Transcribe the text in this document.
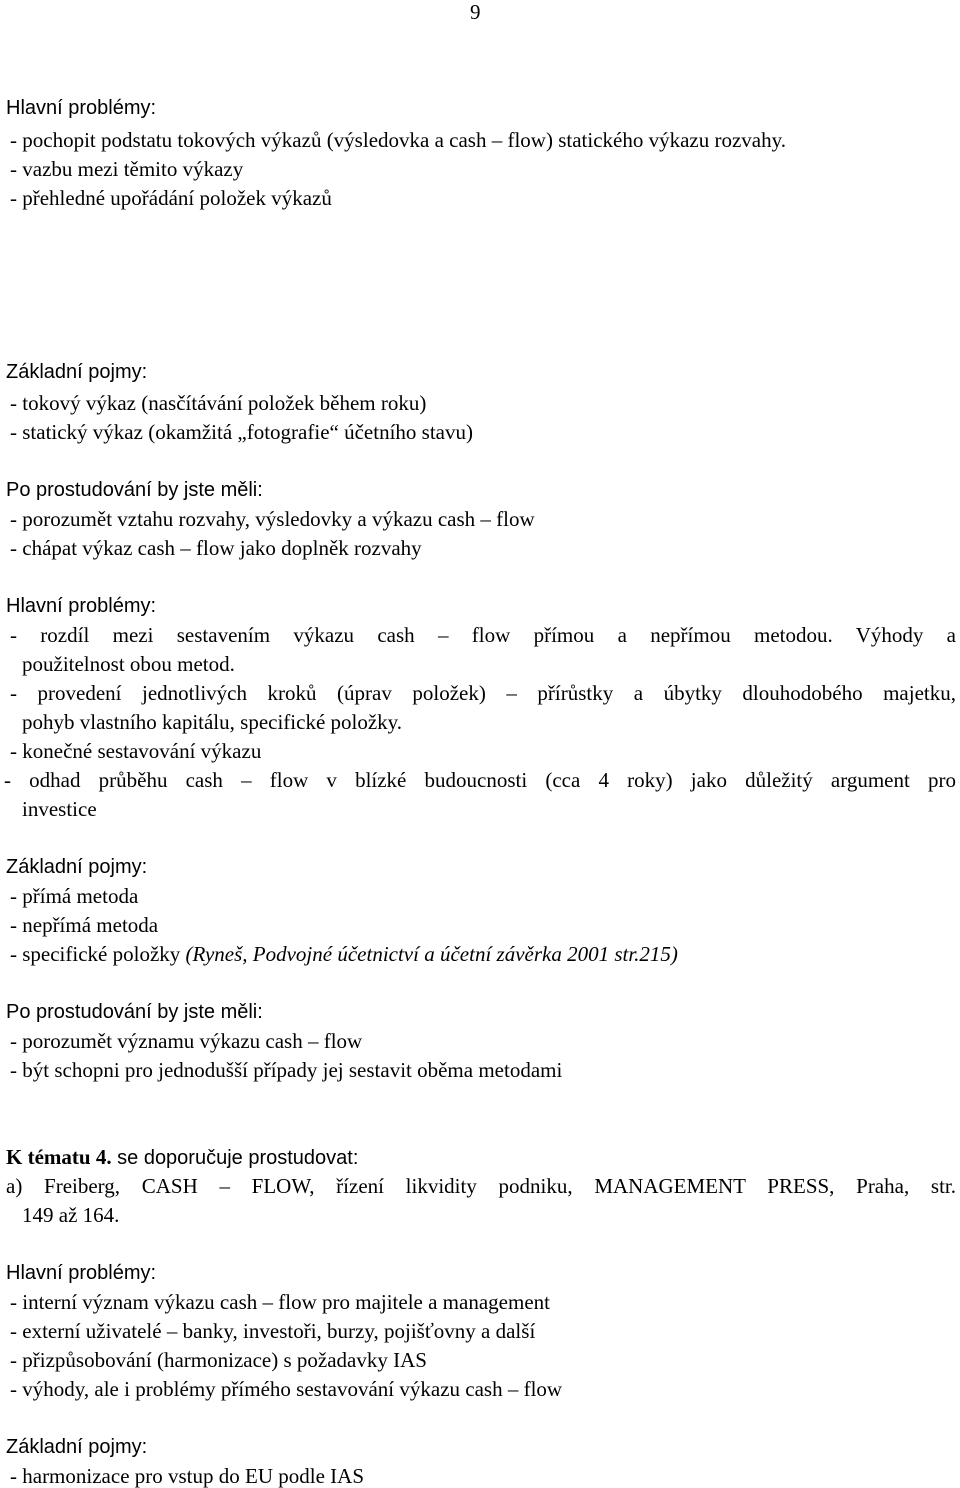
9
Hlavní problémy:
- pochopit podstatu tokových výkazů (výsledovka a cash – flow) statického výkazu rozvahy.
- vazbu mezi těmito výkazy
- přehledné upořádání položek výkazů
Základní pojmy:
- tokový výkaz (nasčítávání položek během roku)
- statický výkaz (okamžitá „fotografie“ účetního stavu)
Po prostudování by jste měli:
- porozumět vztahu rozvahy, výsledovky a výkazu cash – flow
- chápat výkaz cash – flow jako doplněk rozvahy
Hlavní problémy:
- rozdíl mezi sestavením výkazu cash – flow přímou a nepřímou metodou. Výhody a
použitelnost obou metod.
- provedení jednotlivých kroků (úprav položek) – přírůstky a úbytky dlouhodobého majetku,
pohyb vlastního kapitálu, specifické položky.
- konečné sestavování výkazu
- odhad průběhu cash – flow v blízké budoucnosti (cca 4 roky) jako důležitý argument pro
investice
Základní pojmy:
- přímá metoda
- nepřímá metoda
- specifické položky (Ryneš, Podvojné účetnictví a účetní závěrka 2001 str.215)
Po prostudování by jste měli:
- porozumět významu výkazu cash – flow
- být schopni pro jednodušší případy jej sestavit oběma metodami
K tématu 4. se doporučuje prostudovat:
a) Freiberg, CASH – FLOW, řízení likvidity podniku, MANAGEMENT PRESS, Praha, str.
149 až 164.
Hlavní problémy:
- interní význam výkazu cash – flow pro majitele a management
- externí uživatelé – banky, investoři, burzy, pojišťovny a další
- přizpůsobování (harmonizace) s požadavky IAS
- výhody, ale i problémy přímého sestavování výkazu cash – flow
Základní pojmy:
- harmonizace pro vstup do EU podle IAS
